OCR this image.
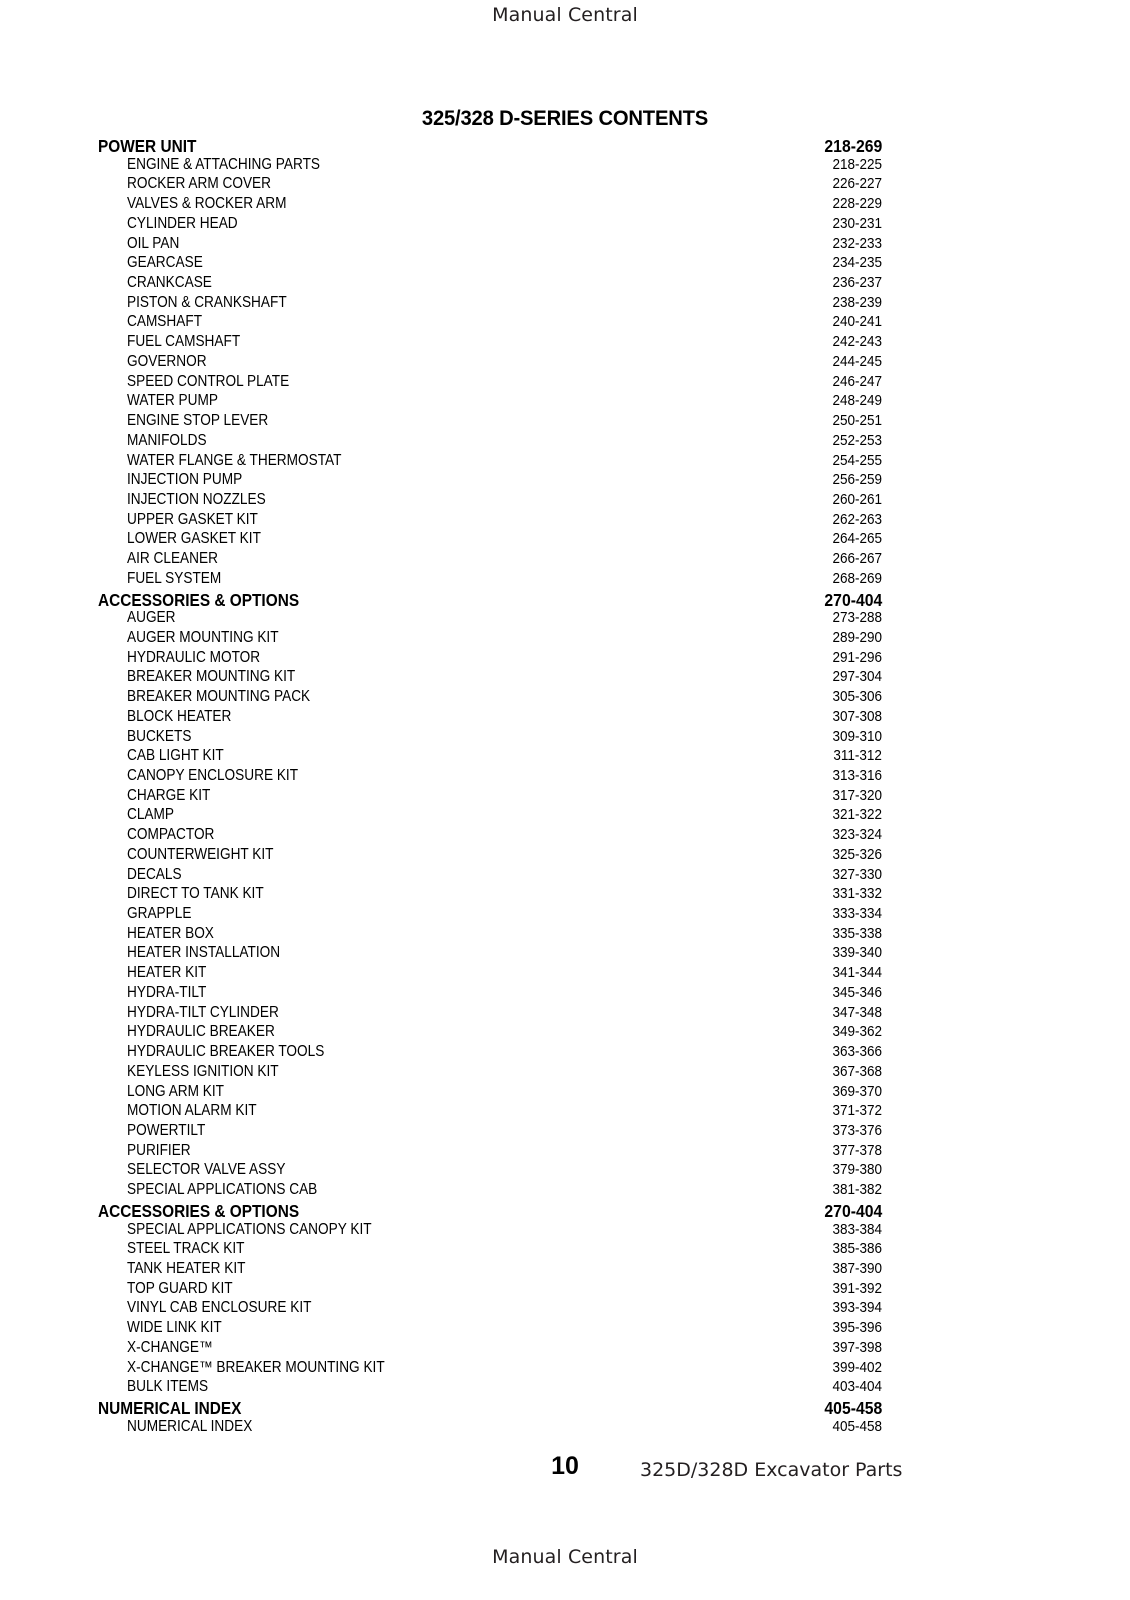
Manual Central
325/328 D-SERIES CONTENTS
POWER UNIT	218-269
ENGINE & ATTACHING PARTS	218-225
ROCKER ARM COVER	226-227
VALVES & ROCKER ARM	228-229
CYLINDER HEAD	230-231
OIL PAN	232-233
GEARCASE	234-235
CRANKCASE	236-237
PISTON & CRANKSHAFT	238-239
CAMSHAFT	240-241
FUEL CAMSHAFT	242-243
GOVERNOR	244-245
SPEED CONTROL PLATE	246-247
WATER PUMP	248-249
ENGINE STOP LEVER	250-251
MANIFOLDS	252-253
WATER FLANGE & THERMOSTAT	254-255
INJECTION PUMP	256-259
INJECTION NOZZLES	260-261
UPPER GASKET KIT	262-263
LOWER GASKET KIT	264-265
AIR CLEANER	266-267
FUEL SYSTEM	268-269
ACCESSORIES & OPTIONS	270-404
AUGER	273-288
AUGER MOUNTING KIT	289-290
HYDRAULIC MOTOR	291-296
BREAKER MOUNTING KIT	297-304
BREAKER MOUNTING PACK	305-306
BLOCK HEATER	307-308
BUCKETS	309-310
CAB LIGHT KIT	311-312
CANOPY ENCLOSURE KIT	313-316
CHARGE KIT	317-320
CLAMP	321-322
COMPACTOR	323-324
COUNTERWEIGHT KIT	325-326
DECALS	327-330
DIRECT TO TANK KIT	331-332
GRAPPLE	333-334
HEATER BOX	335-338
HEATER INSTALLATION	339-340
HEATER KIT	341-344
HYDRA-TILT	345-346
HYDRA-TILT CYLINDER	347-348
HYDRAULIC BREAKER	349-362
HYDRAULIC BREAKER TOOLS	363-366
KEYLESS IGNITION KIT	367-368
LONG ARM KIT	369-370
MOTION ALARM KIT	371-372
POWERTILT	373-376
PURIFIER	377-378
SELECTOR VALVE ASSY	379-380
SPECIAL APPLICATIONS CAB	381-382
ACCESSORIES & OPTIONS	270-404
SPECIAL APPLICATIONS CANOPY KIT	383-384
STEEL TRACK KIT	385-386
TANK HEATER KIT	387-390
TOP GUARD KIT	391-392
VINYL CAB ENCLOSURE KIT	393-394
WIDE LINK KIT	395-396
X-CHANGE™	397-398
X-CHANGE™ BREAKER MOUNTING KIT	399-402
BULK ITEMS	403-404
NUMERICAL INDEX	405-458
NUMERICAL INDEX	405-458
10	325D/328D Excavator Parts
Manual Central
